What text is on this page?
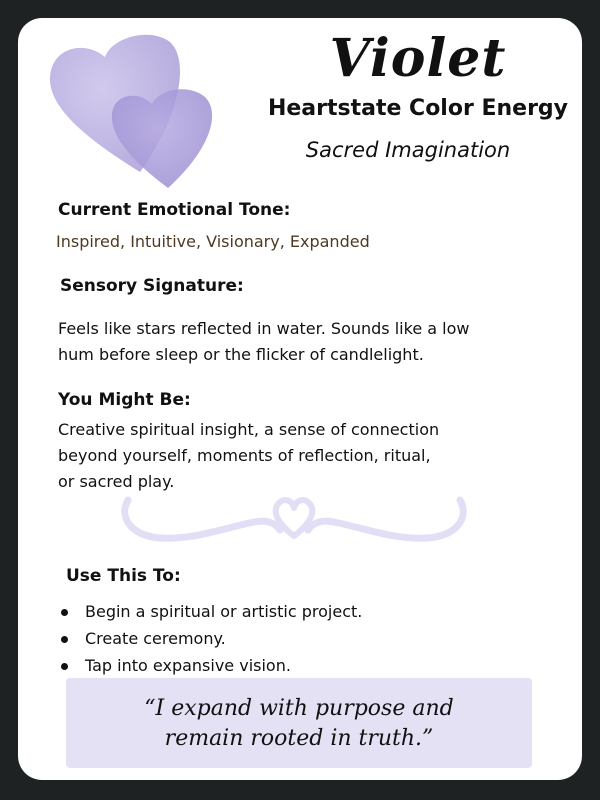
Violet
Heartstate Color Energy
Sacred Imagination
Current Emotional Tone:
Inspired, Intuitive, Visionary, Expanded
Sensory Signature:
Feels like stars reflected in water. Sounds like a low
hum before sleep or the flicker of candlelight.
You Might Be:
Creative spiritual insight, a sense of connection
beyond yourself, moments of reflection, ritual,
or sacred play.
Use This To:
Begin a spiritual or artistic project.
Create ceremony.
Tap into expansive vision.
“I expand with purpose and
remain rooted in truth.”
